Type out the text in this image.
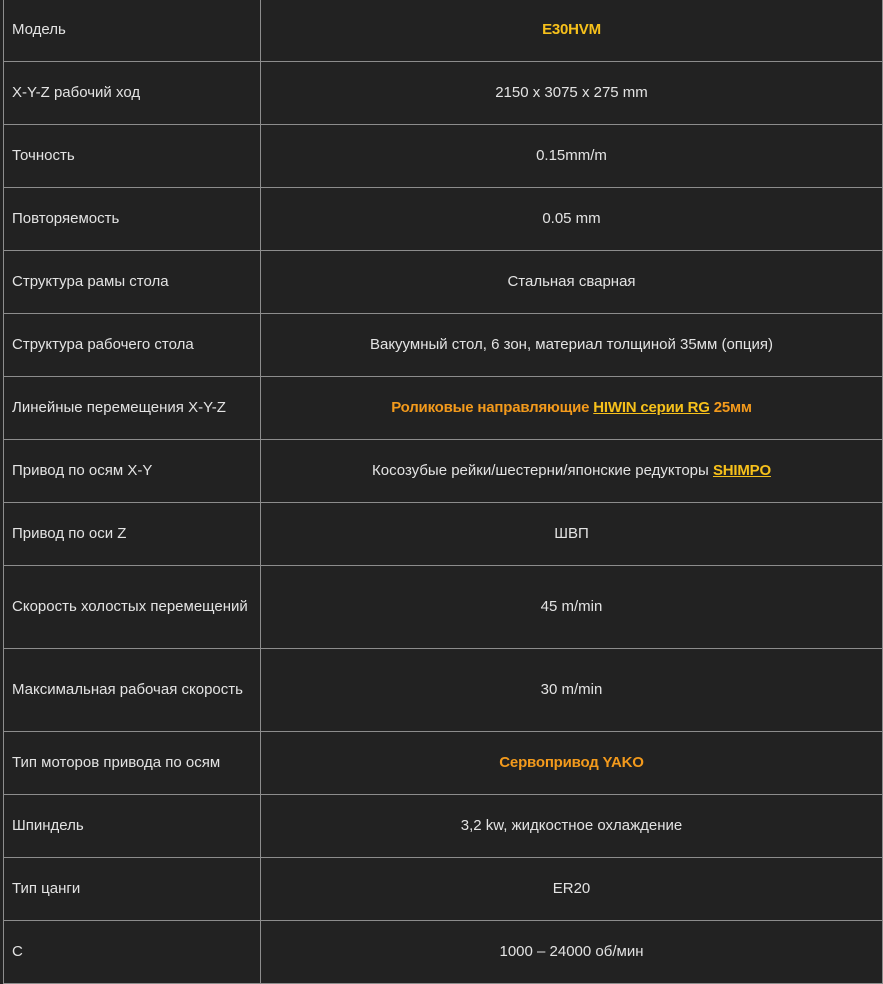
Модель	E30HVM
X-Y-Z рабочий ход	2150 x 3075 x 275 mm
Точность	0.15mm/m
Повторяемость	0.05 mm
Структура рамы стола	Стальная сварная
Структура рабочего стола	Вакуумный стол, 6 зон, материал толщиной 35мм (опция)
Линейные перемещения X-Y-Z	Роликовые направляющие HIWIN серии RG 25мм
Привод по осям X-Y	Косозубые рейки/шестерни/японские редукторы SHIMPO
Привод по оси Z	ШВП
Скорость холостых перемещений	45 m/min
Максимальная рабочая скорость	30 m/min
Тип моторов привода по осям	Сервопривод YAKO
Шпиндель	3,2 kw, жидкостное охлаждение
Тип цанги	ER20
С	1000 – 24000 об/мин
